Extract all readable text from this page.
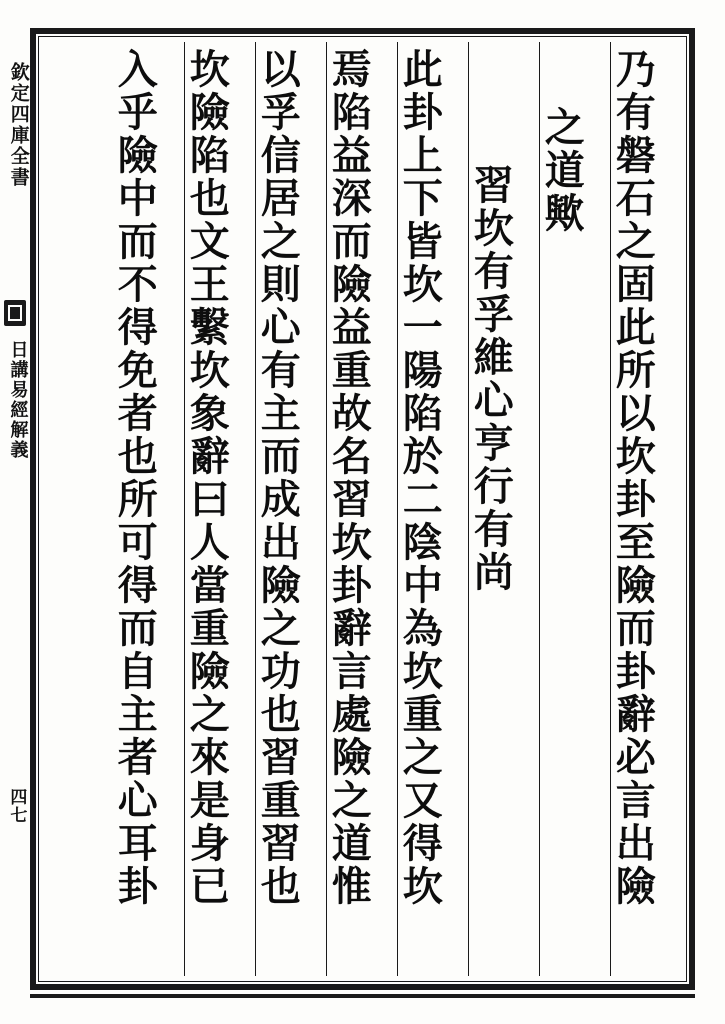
乃有磐石之固此所以坎卦至險而卦辭必言出險
之道歟
習坎有孚維心亨行有尚
此卦上下皆坎一陽陷於二陰中為坎重之又得坎
焉陷益深而險益重故名習坎卦辭言處險之道惟
以孚信居之則心有主而成出險之功也習重習也
坎險陷也文王繫坎象辭曰人當重險之來是身已
入乎險中而不得免者也所可得而自主者心耳卦
欽定四庫全書
日講易經解義
四七
